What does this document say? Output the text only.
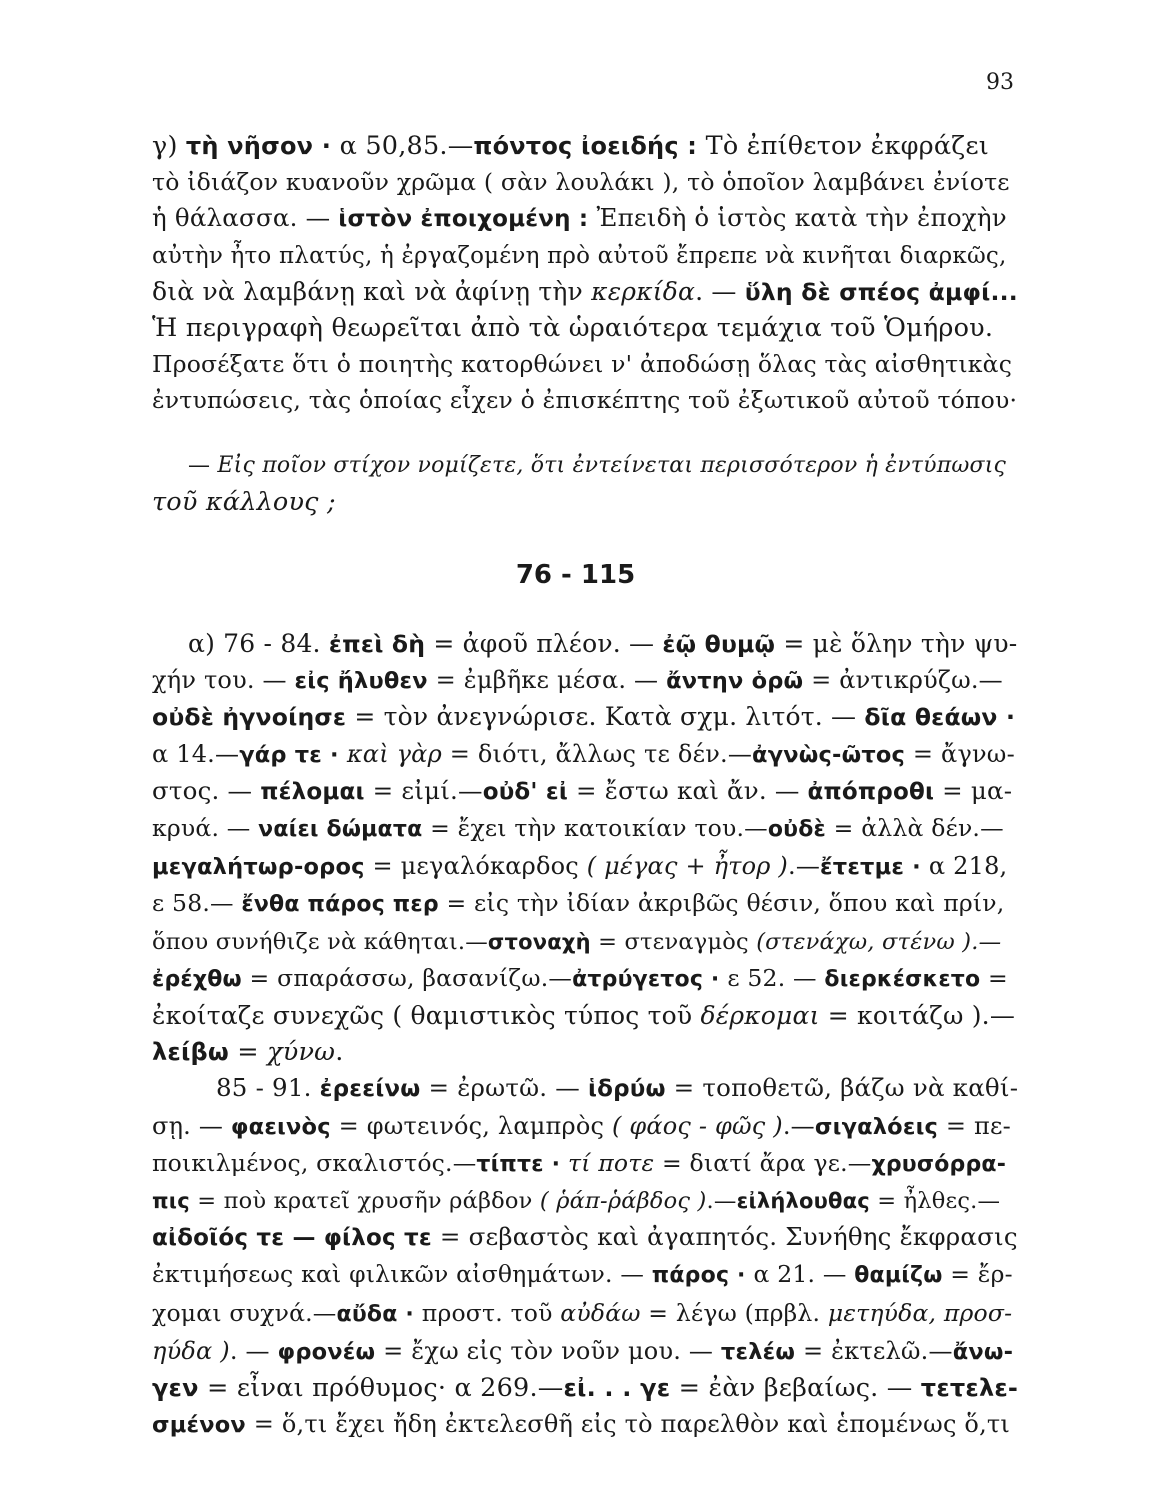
93
γ) τὴ νῆσον · α 50,85.—πόντος ἰοειδής : Τὸ ἐπίθετον ἐκφράζει
τὸ ἰδιάζον κυανοῦν χρῶμα ( σὰν λουλάκι ), τὸ ὁποῖον λαμβάνει ἐνίοτε
ἡ θάλασσα. — ἱστὸν ἐποιχομένη : Ἐπειδὴ ὁ ἱστὸς κατὰ τὴν ἐποχὴν
αὐτὴν ἦτο πλατύς, ἡ ἐργαζομένη πρὸ αὐτοῦ ἔπρεπε νὰ κινῆται διαρκῶς,
διὰ νὰ λαμβάνῃ καὶ νὰ ἀφίνῃ τὴν κερκίδα. — ὕλη δὲ σπέος ἀμφί...
Ἡ περιγραφὴ θεωρεῖται ἀπὸ τὰ ὡραιότερα τεμάχια τοῦ Ὁμήρου.
Προσέξατε ὅτι ὁ ποιητὴς κατορθώνει ν' ἀποδώσῃ ὅλας τὰς αἰσθητικὰς
ἐντυπώσεις, τὰς ὁποίας εἶχεν ὁ ἐπισκέπτης τοῦ ἐξωτικοῦ αὐτοῦ τόπου·
— Εἰς ποῖον στίχον νομίζετε, ὅτι ἐντείνεται περισσότερον ἡ ἐντύπωσις
τοῦ κάλλους ;
76 - 115
α) 76 - 84. ἐπεὶ δὴ = ἀφοῦ πλέον. — ἐῷ θυμῷ = μὲ ὅλην τὴν ψυ-
χήν του. — εἰς ἤλυθεν = ἐμβῆκε μέσα. — ἄντην ὁρῶ = ἀντικρύζω.—
οὐδὲ ἠγνοίησε = τὸν ἀνεγνώρισε. Κατὰ σχμ. λιτότ. — δῖα θεάων ·
α 14.—γάρ τε · καὶ γὰρ = διότι, ἄλλως τε δέν.—ἀγνὼς-ῶτος = ἄγνω-
στος. — πέλομαι = εἰμί.—οὐδ' εἰ = ἔστω καὶ ἄν. — ἀπόπροθι = μα-
κρυά. — ναίει δώματα = ἔχει τὴν κατοικίαν του.—οὐδὲ = ἀλλὰ δέν.—
μεγαλήτωρ-ορος = μεγαλόκαρδος ( μέγας + ἦτορ ).—ἔτετμε · α 218,
ε 58.— ἔνθα πάρος περ = εἰς τὴν ἰδίαν ἀκριβῶς θέσιν, ὅπου καὶ πρίν,
ὅπου συνήθιζε νὰ κάθηται.—στοναχὴ = στεναγμὸς (στενάχω, στένω ).—
ἐρέχθω = σπαράσσω, βασανίζω.—ἀτρύγετος · ε 52. — διερκέσκετο =
ἐκοίταζε συνεχῶς ( θαμιστικὸς τύπος τοῦ δέρκομαι = κοιτάζω ).—
λείβω = χύνω.
85 - 91. ἐρεείνω = ἐρωτῶ. — ἱδρύω = τοποθετῶ, βάζω νὰ καθί-
σῃ. — φαεινὸς = φωτεινός, λαμπρὸς ( φάος - φῶς ).—σιγαλόεις = πε-
ποικιλμένος, σκαλιστός.—τίπτε · τί ποτε = διατί ἄρα γε.—χρυσόρρα-
πις = ποὺ κρατεῖ χρυσῆν ράβδον ( ῥάπ-ῥάβδος ).—εἰλήλουθας = ἦλθες.—
αἰδοῖός τε — φίλος τε = σεβαστὸς καὶ ἀγαπητός. Συνήθης ἔκφρασις
ἐκτιμήσεως καὶ φιλικῶν αἰσθημάτων. — πάρος · α 21. — θαμίζω = ἔρ-
χομαι συχνά.—αὔδα · προστ. τοῦ αὐδάω = λέγω (πρβλ. μετηύδα, προσ-
ηύδα ). — φρονέω = ἔχω εἰς τὸν νοῦν μου. — τελέω = ἐκτελῶ.—ἄνω-
γεν = εἶναι πρόθυμος· α 269.—εἰ. . . γε = ἐὰν βεβαίως. — τετελε-
σμένον = ὅ,τι ἔχει ἤδη ἐκτελεσθῆ εἰς τὸ παρελθὸν καὶ ἑπομένως ὅ,τι
